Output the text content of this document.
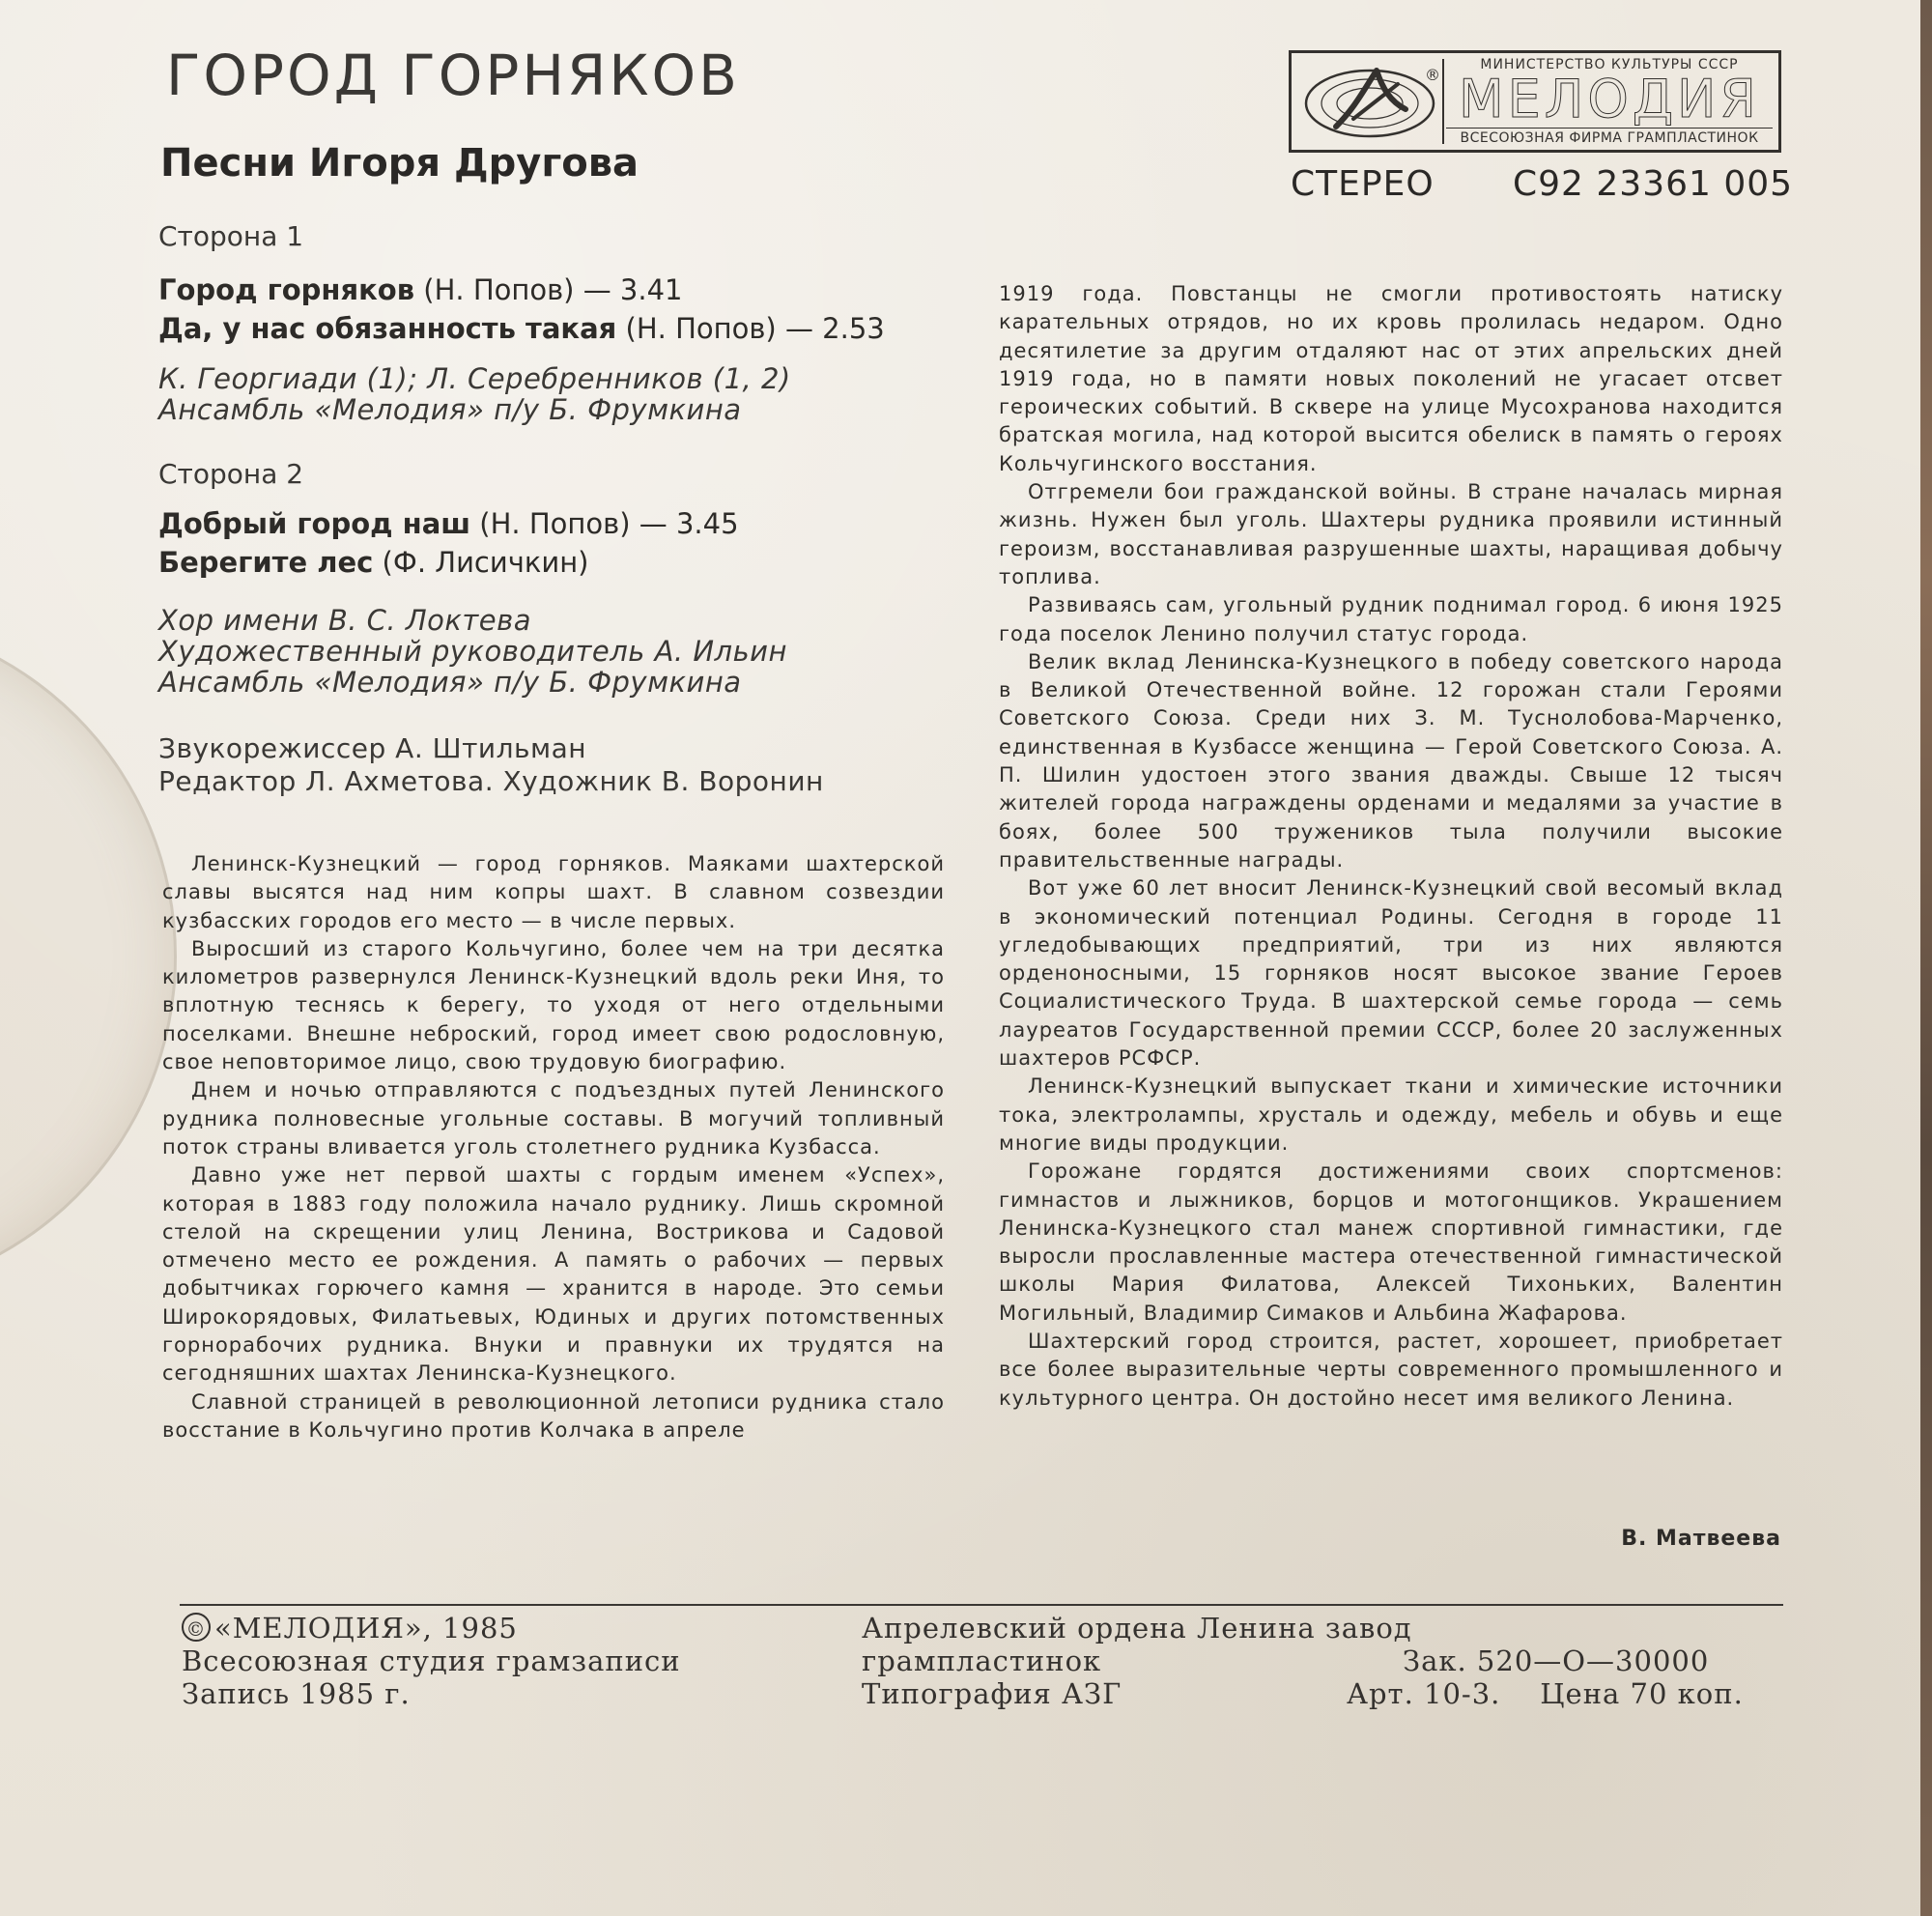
ГОРОД ГОРНЯКОВ
Песни Игоря Другова
®
МИНИСТЕРСТВО КУЛЬТУРЫ СССР
МЕЛОДИЯ
ВСЕСОЮЗНАЯ ФИРМА ГРАМПЛАСТИНОК
СТЕРЕО С92 23361 005
Сторона 1
Город горняков (Н. Попов) — 3.41
Да, у нас обязанность такая (Н. Попов) — 2.53
К. Георгиади (1); Л. Серебренников (1, 2)
Ансамбль «Мелодия» п/у Б. Фрумкина
Сторона 2
Добрый город наш (Н. Попов) — 3.45
Берегите лес (Ф. Лисичкин)
Хор имени В. С. Локтева
Художественный руководитель А. Ильин
Ансамбль «Мелодия» п/у Б. Фрумкина
Звукорежиссер А. Штильман
Редактор Л. Ахметова. Художник В. Воронин

Ленинск-Кузнецкий — город горняков. Маяками шахтерской славы высятся над ним копры шахт. В славном созвездии кузбасских городов его место — в числе первых.

Выросший из старого Кольчугино, более чем на три десятка километров развернулся Ленинск-Кузнецкий вдоль реки Иня, то вплотную теснясь к берегу, то уходя от него отдельными поселками. Внешне неброский, город имеет свою родословную, свое неповторимое лицо, свою трудовую биографию.

Днем и ночью отправляются с подъездных путей Ленинского рудника полновесные угольные составы. В могучий топливный поток страны вливается уголь столетнего рудника Кузбасса.

Давно уже нет первой шахты с гордым именем «Успех», которая в 1883 году положила начало руднику. Лишь скромной стелой на скрещении улиц Ленина, Вострикова и Садовой отмечено место ее рождения. А память о рабочих — первых добытчиках горючего камня — хранится в народе. Это семьи Широкорядовых, Филатьевых, Юдиных и других потомственных горнорабочих рудника. Внуки и правнуки их трудятся на сегодняшних шахтах Ленинска-Кузнецкого.

Славной страницей в революционной летописи рудника стало восстание в Кольчугино против Колчака в апреле

1919 года. Повстанцы не смогли противостоять натиску карательных отрядов, но их кровь пролилась недаром. Одно десятилетие за другим отдаляют нас от этих апрельских дней 1919 года, но в памяти новых поколений не угасает отсвет героических событий. В сквере на улице Мусохранова находится братская могила, над которой высится обелиск в память о героях Кольчугинского восстания.

Отгремели бои гражданской войны. В стране началась мирная жизнь. Нужен был уголь. Шахтеры рудника проявили истинный героизм, восстанавливая разрушенные шахты, наращивая добычу топлива.

Развиваясь сам, угольный рудник поднимал город. 6 июня 1925 года поселок Ленино получил статус города.

Велик вклад Ленинска-Кузнецкого в победу советского народа в Великой Отечественной войне. 12 горожан стали Героями Советского Союза. Среди них З. М. Туснолобова-Марченко, единственная в Кузбассе женщина — Герой Советского Союза. А. П. Шилин удостоен этого звания дважды. Свыше 12 тысяч жителей города награждены орденами и медалями за участие в боях, более 500 тружеников тыла получили высокие правительственные награды.

Вот уже 60 лет вносит Ленинск-Кузнецкий свой весомый вклад в экономический потенциал Родины. Сегодня в городе 11 угледобывающих предприятий, три из них являются орденоносными, 15 горняков носят высокое звание Героев Социалистического Труда. В шахтерской семье города — семь лауреатов Государственной премии СССР, более 20 заслуженных шахтеров РСФСР.

Ленинск-Кузнецкий выпускает ткани и химические источники тока, электролампы, хрусталь и одежду, мебель и обувь и еще многие виды продукции.

Горожане гордятся достижениями своих спортсменов: гимнастов и лыжников, борцов и мотогонщиков. Украшением Ленинска-Кузнецкого стал манеж спортивной гимнастики, где выросли прославленные мастера отечественной гимнастической школы Мария Филатова, Алексей Тихоньких, Валентин Могильный, Владимир Симаков и Альбина Жафарова.

Шахтерский город строится, растет, хорошеет, приобретает все более выразительные черты современного промышленного и культурного центра. Он достойно несет имя великого Ленина.

В. Матвеева
© «МЕЛОДИЯ», 1985
Всесоюзная студия грамзаписи
Запись 1985 г.
Апрелевский ордена Ленина завод грампластинок
Типография АЗГ
Зак. 520—О—30000
Арт. 10-3. Цена 70 коп.
